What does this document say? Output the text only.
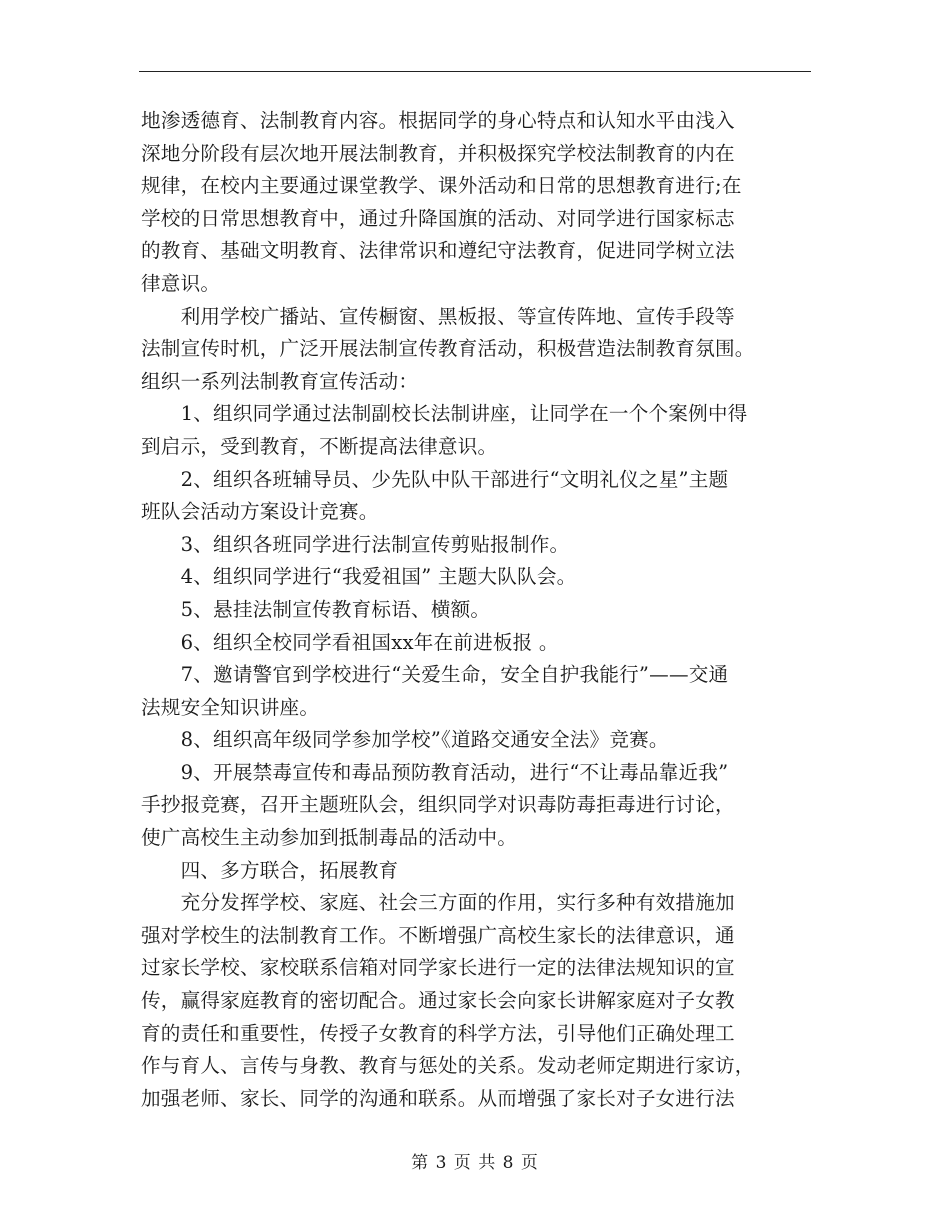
地渗透德育、法制教育内容。根据同学的身心特点和认知水平由浅入
深地分阶段有层次地开展法制教育，并积极探究学校法制教育的内在
规律，在校内主要通过课堂教学、课外活动和日常的思想教育进行;在
学校的日常思想教育中，通过升降国旗的活动、对同学进行国家标志
的教育、基础文明教育、法律常识和遵纪守法教育，促进同学树立法
律意识。
　　利用学校广播站、宣传橱窗、黑板报、等宣传阵地、宣传手段等
法制宣传时机，广泛开展法制宣传教育活动，积极营造法制教育氛围。
组织一系列法制教育宣传活动：
　　1、组织同学通过法制副校长法制讲座，让同学在一个个案例中得
到启示，受到教育，不断提高法律意识。
　　2、组织各班辅导员、少先队中队干部进行“文明礼仪之星”主题
班队会活动方案设计竞赛。
　　3、组织各班同学进行法制宣传剪贴报制作。
　　4、组织同学进行“我爱祖国” 主题大队队会。
　　5、悬挂法制宣传教育标语、横额。
　　6、组织全校同学看祖国xx年在前进板报 。
　　7、邀请警官到学校进行“关爱生命，安全自护我能行”——交通
法规安全知识讲座。
　　8、组织高年级同学参加学校”《道路交通安全法》竞赛。
　　9、开展禁毒宣传和毒品预防教育活动，进行“不让毒品靠近我”
手抄报竞赛，召开主题班队会，组织同学对识毒防毒拒毒进行讨论，
使广高校生主动参加到抵制毒品的活动中。
　　四、多方联合，拓展教育
　　充分发挥学校、家庭、社会三方面的作用，实行多种有效措施加
强对学校生的法制教育工作。不断增强广高校生家长的法律意识，通
过家长学校、家校联系信箱对同学家长进行一定的法律法规知识的宣
传，赢得家庭教育的密切配合。通过家长会向家长讲解家庭对子女教
育的责任和重要性，传授子女教育的科学方法，引导他们正确处理工
作与育人、言传与身教、教育与惩处的关系。发动老师定期进行家访，
加强老师、家长、同学的沟通和联系。从而增强了家长对子女进行法
第 3 页 共 8 页
